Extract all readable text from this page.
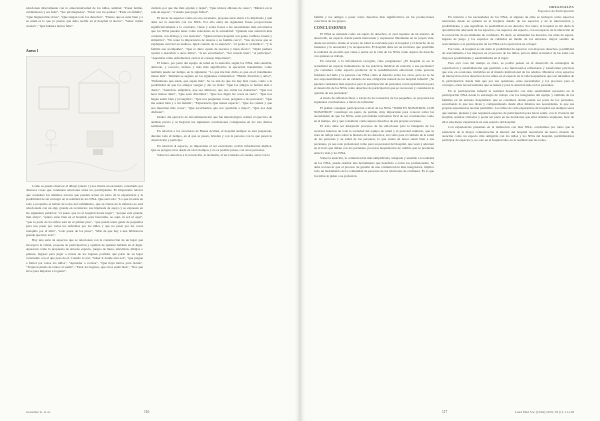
relacionan directamente con lo emocional/salud de los niños, señalan: "Poner ánimo, cuidándonos y ser feliz", "Ser privilegiados", "Estar con los padres", "Estar en familia", "Que lleguen más obras", "Que tengan todo los derechos", "Pienso que es estar bien y a su salud es lo que yo pienso que debo recibir en el hospital al doctor", "Saber cuidar cuando", "Que hubiera hartos feliz".

Anexo 1

Como se puede observar el dibujo (anexo 1) nos ilustra un escenario construido por diversos cosas que contienen relaciones entre los participantes. Es importante relevar que considera los distintos actores que pueden actuar en torno de la experiencia y la posibilidad de ser un lugar en la realidad de los NNA. Que está solo: "Lo que tú estás en todo a propósito el hablar de todos del sufrimiento, que su visión de la infancia no está relacionada con un algo grande en su interior, sus hipótesis de apoyo y se expresan en las siguientes palabras: "el paseo que no el hospital hacen lugar", "porque está grande, más abajo", "quiero estar bien en el hospital, para buscarme, no aquí, ni acá ni aquí", "que la parte de los niños está en el primer piso", "que puede tener gente de pequeños para nos pasar por todos los enfermos por los niños y que no pasar por las cosas tranquilo por el niño", "todo pasar de los pisos", "Más de que hay a una bibliotecas grande que hice todo".

Hay una serie de aspectos que se relacionan con la construcción de un lugar que incorpora la visión, propone su participación y opinión de quienes habitan en el lugar. Aparecen como la propuesta de entorno espacio, juegos de mesa, televisión, dibujos o pintura, lugares para jugar a través de los lugares posibles que parte de su lugar construido con el que pasa de el. Cuando lo son: "Saber ir donde está acá", "que juegue a fútbol por todos los niños", "Aprender a cocinar", "Que haya hartos para donde", "Trajeron juntas de tantos el sueño", "Estar los lugares, que otros estén bien", "Nos que sirve para importar a la gente".

cuidado por que me más ayuden y dejen", "Que tuviera sillones de cuero", "Música en la sala de espera", "Cuando pasa jugar fútbol".

El tercer de aspectos como en otro escenario, propone estar alerta a lo implicado y qué debe ser la atención con los NNA. Por ello entre las siguientes frases proporcionan significativamente a lo contrario, vistas y sobre frases a las necesidades más prioritarias que los NNA pueden tener como relevantes en la actualidad: "Quieren una atención más contenta, con diálogo y con atención", "Quien tuviera hospital con gente cariñosa, buena y simpática", "No tener la importancia de tenerse a su familia cerca", "Sus doctoras que se expliquen cuál del en endiosa. Igual cuando de la atención", "el poder ir al médico", "y la familia sus acompañes", "Que te diera ayuda de rescatar y buen efecto", "Ojalá pudiera ayudar a descubrir a otros niños", "A ser escuchados", "Ser tratado bien", "A participar", "Aprendas cómo enfermedad, cuál es el consejo importante".

El futuro, por parte del equipo de salud en la atención, según los NNA, más sensible, delicado, y correcto, incluso y más más significativo la ejecución transmitido, como también puede ser tiempo en la siguiente: "Lo que me han dicho es que en el tratamiento tienes más". También se sugiere en los siguientes comentarios: "Hablar divertido y amor", "Enfermeras que estén, que sepan más". Se ve aún de que los hay más cosas, como a la posibilidad de que los amigos vengan y dar su visita: "Que los amigos te hablan más a diario". "Atención, simpática, que sea amistosa, que nos cuida las dolencias", "Que nos hace menos daño", "Que sean divertidos", "Que nos digan las cosas en serio", "Que nos hagan sentir bien y protegidos", "Que nos pregunten cosas, pregunte a las personas", "Que me sentía bien y a mi familia", "Experiencia Que tienen espacio", "Que los cuiden y que nos muestren más cosas", "Que escuchemos que nos ayudarán a mejor", "Que nos deje disfrutar".

Dentro del ejercicio de retroalimentación que fue metodológico realizó el ejercicio de análisis previo y se llegaron las siguientes conclusiones consignadas en los tres diarios realizados:

En relación a los caracteres de Buena Actitud, el hospital siempre se está preparado, durante todo el tiempo, en el que se pasan, brindan y con la persona con la que pasan la observación y participa.

En relación al espacio, es importante el ser escuchado; recibir información médica. Que se pongan otros desde de otros tiempos y no es posible pasen, con otros personas.

Sobre los derechos a la recreación, la inclusión, al ser tomados en cuenta, estar con la

González U. et al.	116
ORIGINALES
Espacios de Participación

familia y los amigos a pasar como derechos más significativos en las producciones colectivas de los grupos.

CONCLUSIONES

El NNA se entiende como un sujeto de derechos, el cual requiere de un entorno de desarrollo, un espacio donde pueda interactuar y expresarse libremente en su propia vida, desde un entorno donde el acceso de salud es relevante para el hospital y el derecho de su bienestar y la necesidad y la recuperación. El hospital debe ser un territorio que posibilite la realidad de un niño que viene a entrar en la vida de los NNA como sujetos de derecho con quienes se trabaja.

En relación a la información recogida, cabe preguntarse: ¿El hospital es en la actualidad un espacio humanizado de las prácticas médicas en relación a sus pacientes? ¿Se considera como espacio promotor de la sensibilización emocional como persona fundante del niño y la persona con NNA como el derecho sobre los otros, pero no se ha nos responsabilizado en un cuidado de una obligación natural de un hospital infantil? ¿Se pueden considerar más espacios para la participación de pacientes con hospitalización para el desarrollo de los NNA como derechos de participación que se reconocen y consideran la opinión de sus pacientes?

A modo de reflexión final, a través de los recuerdos de los pequeños, se proponen las siguientes conclusiones, a modo de reflexión:

El primer consigue: participación a nivel de los NNA "TODO ES NOSOTROS, CON NOSOTROS" constituye un punto de partida, muy importante para conocer sobre las necesidades de que los NNA, estas prioridades relevantes fácil de ser considerarse como en el tiempo, sin y que considerar como sujetos derechos de sus propias acciones.

El trato debe ser interpretar procesos de las emociones para la búsqueda de los recursos internos de toda la sociedad del equipo de salud y el personal sanitario, que se trata de refleja tanto sobre la historia de los derechos, así como para el cuidado de la salud de las personas y su salud de las personas, lo que exista de hacer sentir bien a sus pacientes, ya sea todo profesional como para su personal del hospital, que vean y adecuen en el trato que deben con los pacientes, procesos hospitalarios de cambio que se producen entre la vida y los NNA.

Sobre la atención, la comunicación más simplificada, adaptada y sensible a la realidad de los NNA, puede resultar una herramienta que beneficia a todos los profesionales. Se debe reconocer que el proceso de gestión de una comunicación más integradora, implica todo un instrumento de la comunidad de personas de las relaciones de confianza. Es lo que los niños le piden a su profesión.

En relación a las necesidades de los NNA, si algunas de ellas se incluyen como aspectos relevantes desde su opinión en el hospital, diseño de los espacios y de la intervención y posibilidades, y que significan, la posibilidad es un derecho. Por tanto, el hospital es sin duda la aproximación adecuada de los espacios, con aspectos del espacio, con un espacio de la ubicación de la recreación de un ambiente de confianza. Es decir, se entienden los horarios, las salas de espera, lugares de juego y los espacios de cuidados en medio de los entornos, mayor sentido de acercamiento a la participación de los NNA en la aportación en el lugar.

Por tanto, el hospital es sin duda la posibilidad de espacios con mayores derechos, posibilidad de acercamiento a los mayores en el proceso de los niños, para la niñez al interior de las salas con mayores posibilidades y sensibilidades en el lugar.

Para otra cosa del tiempo es claro, se podría pensar en el desarrollo de estrategias de capacitación y sensibilización que permitan a los funcionarios reflexionar y transformar prácticas que son, en ocasiones, invisibles en el mundo institucional de los adultos. Mientras otros espacios de interacción en los derechos de los niños en el espacio en la vida hospitalaria que son infantiles de la participación donde más que por sus opiniones, estas necesidades y los procesos para el concepto, entre las necesidades que se tienen y para la atención más en los pacientes.

En la participación infantil la realidad desarrolla con más sensibilidad necesaria en la participación NNA desde la estrategia de trabajo con los integrantes del equipo y también de las familias en un entorno hospitalario que se considera donde puede ser parte de los pacientes, escuchando lo que nos dicen y comprendiendo desde ellos mismos sus necesidades, lo que sus propias experiencias les han permitido. Los niños de cada experiencia de hospital son siempre seres que sienten, piensan y que requieren espacios de participación para hacer sentir, con la vivencia del hospital, sentirse cómodos y poder ser parte en las decisiones que ellos mismos requieren, hace de ellos una mejor experiencia en este espacio del hospital.

Con experiencias presentes en la institución con más NNA, concluimos por tanto que la existencia de la mayor comunicación al interior del hospital necesitaría un nuevo modelo de atención como un espacio más amigable con los niños y los NNA del hospital, permitiéndoles participar de espacios y, no solo en el hospital sino en la realidad que les rodea.

117	Cuad Méd Soc (Chile) 2019, 59 (1): 11-118
